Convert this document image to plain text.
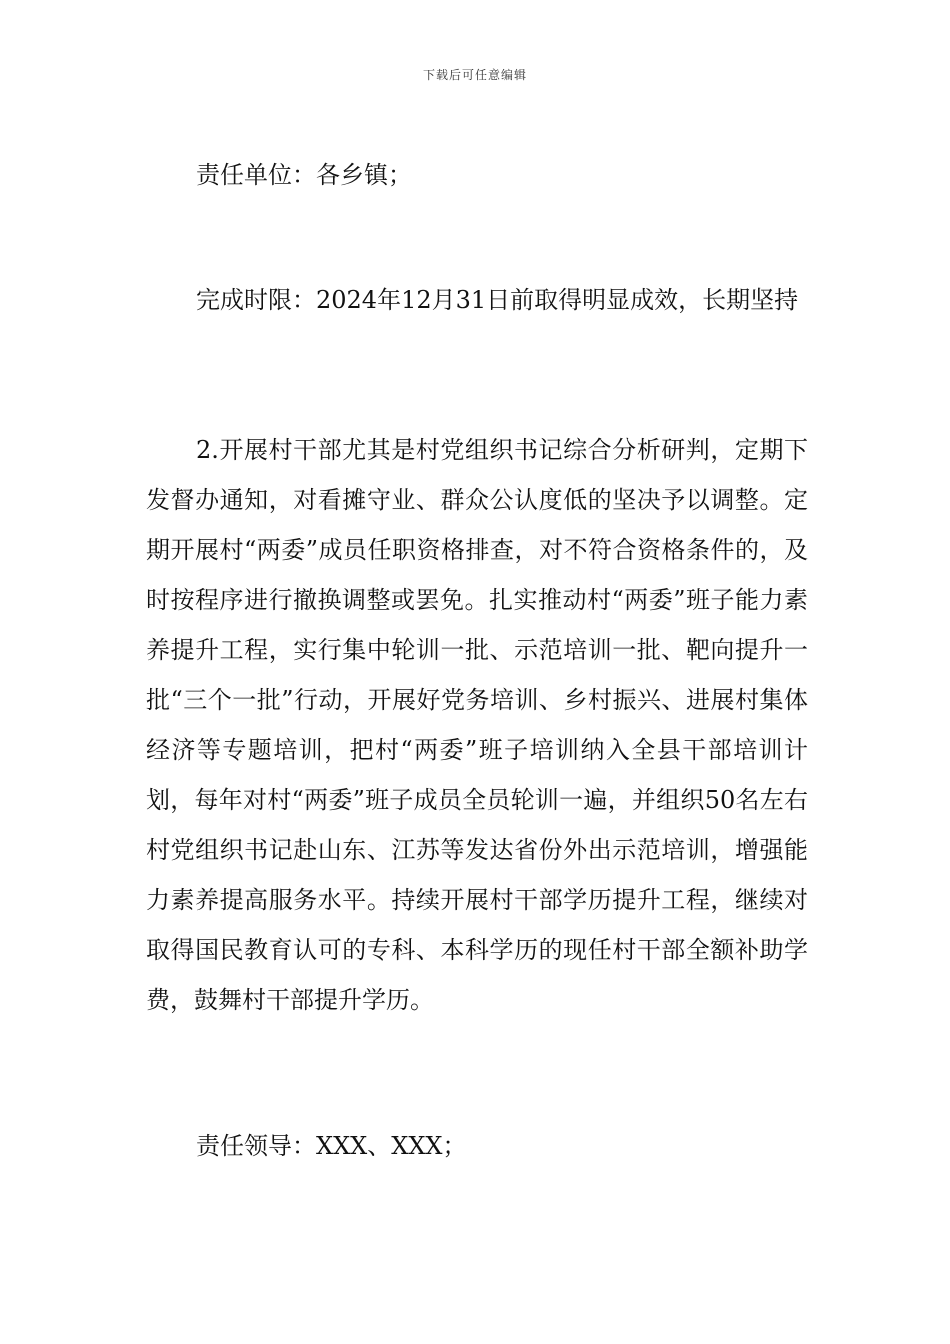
下载后可任意编辑

责任单位：各乡镇；

完成时限：2024年12月31日前取得明显成效，长期坚持

2.开展村干部尤其是村党组织书记综合分析研判，定期下发督办通知，对看摊守业、群众公认度低的坚决予以调整。定期开展村“两委”成员任职资格排查，对不符合资格条件的，及时按程序进行撤换调整或罢免。扎实推动村“两委”班子能力素养提升工程，实行集中轮训一批、示范培训一批、靶向提升一批“三个一批”行动，开展好党务培训、乡村振兴、进展村集体经济等专题培训，把村“两委”班子培训纳入全县干部培训计划，每年对村“两委”班子成员全员轮训一遍，并组织50名左右村党组织书记赴山东、江苏等发达省份外出示范培训，增强能力素养提高服务水平。持续开展村干部学历提升工程，继续对取得国民教育认可的专科、本科学历的现任村干部全额补助学费，鼓舞村干部提升学历。

责任领导：XXX、XXX；
